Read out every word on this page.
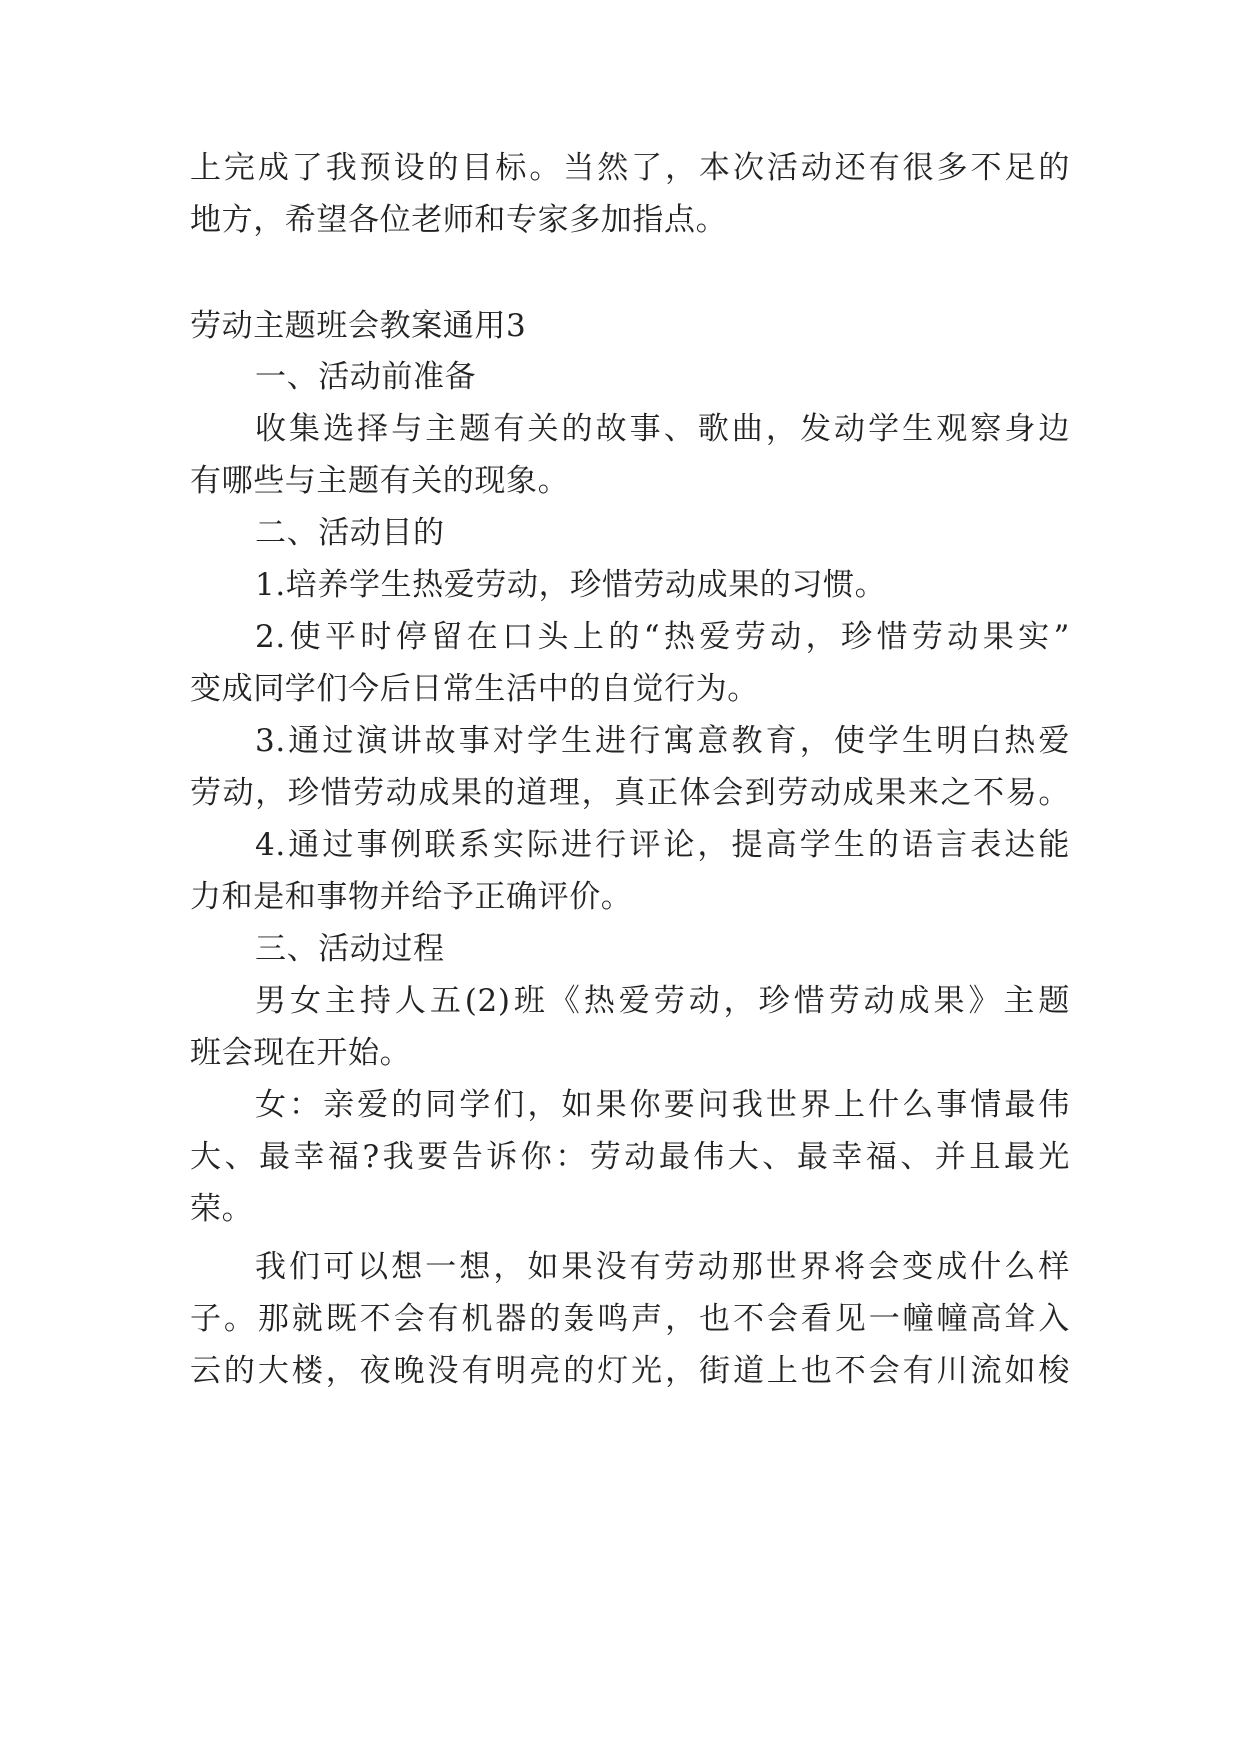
上完成了我预设的目标。当然了，本次活动还有很多不足的
地方，希望各位老师和专家多加指点。
劳动主题班会教案通用3
一、活动前准备
收集选择与主题有关的故事、歌曲，发动学生观察身边
有哪些与主题有关的现象。
二、活动目的
1.培养学生热爱劳动，珍惜劳动成果的习惯。
2.使平时停留在口头上的“热爱劳动，珍惜劳动果实”
变成同学们今后日常生活中的自觉行为。
3.通过演讲故事对学生进行寓意教育，使学生明白热爱
劳动，珍惜劳动成果的道理，真正体会到劳动成果来之不易。
4.通过事例联系实际进行评论，提高学生的语言表达能
力和是和事物并给予正确评价。
三、活动过程
男女主持人五(2)班《热爱劳动，珍惜劳动成果》主题
班会现在开始。
女：亲爱的同学们，如果你要问我世界上什么事情最伟
大、最幸福?我要告诉你：劳动最伟大、最幸福、并且最光
荣。
我们可以想一想，如果没有劳动那世界将会变成什么样
子。那就既不会有机器的轰鸣声，也不会看见一幢幢高耸入
云的大楼，夜晚没有明亮的灯光，街道上也不会有川流如梭
